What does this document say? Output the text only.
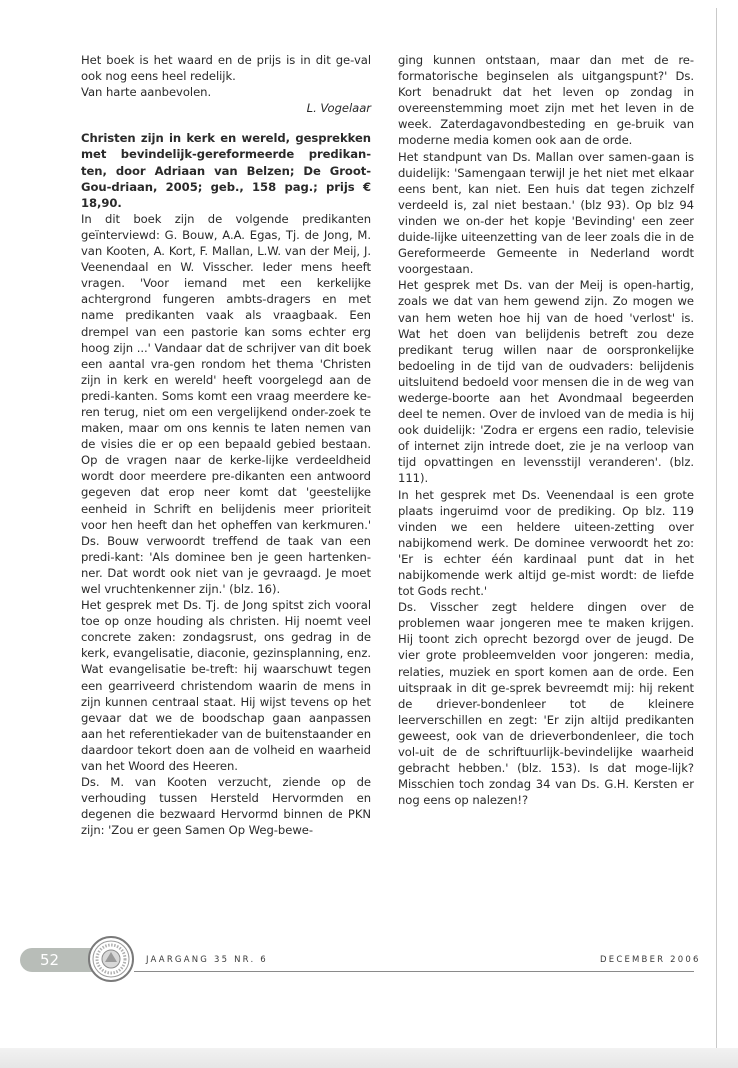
Het boek is het waard en de prijs is in dit ge-val ook nog eens heel redelijk.

Van harte aanbevolen.

L. Vogelaar

Christen zijn in kerk en wereld, gesprekken met bevindelijk-gereformeerde predikan-ten, door Adriaan van Belzen; De Groot-Gou-driaan, 2005; geb., 158 pag.; prijs € 18,90.

In dit boek zijn de volgende predikanten geïnterviewd: G. Bouw, A.A. Egas, Tj. de Jong, M. van Kooten, A. Kort, F. Mallan, L.W. van der Meij, J. Veenendaal en W. Visscher. Ieder mens heeft vragen. 'Voor iemand met een kerkelijke achtergrond fungeren ambts-dragers en met name predikanten vaak als vraagbaak. Een drempel van een pastorie kan soms echter erg hoog zijn ...' Vandaar dat de schrijver van dit boek een aantal vra-gen rondom het thema 'Christen zijn in kerk en wereld' heeft voorgelegd aan de predi-kanten. Soms komt een vraag meerdere ke-ren terug, niet om een vergelijkend onder-zoek te maken, maar om ons kennis te laten nemen van de visies die er op een bepaald gebied bestaan. Op de vragen naar de kerke-lijke verdeeldheid wordt door meerdere pre-dikanten een antwoord gegeven dat erop neer komt dat 'geestelijke eenheid in Schrift en belijdenis meer prioriteit voor hen heeft dan het opheffen van kerkmuren.' Ds. Bouw verwoordt treffend de taak van een predi-kant: 'Als dominee ben je geen hartenken-ner. Dat wordt ook niet van je gevraagd. Je moet wel vruchtenkenner zijn.' (blz. 16).

Het gesprek met Ds. Tj. de Jong spitst zich vooral toe op onze houding als christen. Hij noemt veel concrete zaken: zondagsrust, ons gedrag in de kerk, evangelisatie, diaconie, gezinsplanning, enz. Wat evangelisatie be-treft: hij waarschuwt tegen een gearriveerd christendom waarin de mens in zijn kunnen centraal staat. Hij wijst tevens op het gevaar dat we de boodschap gaan aanpassen aan het referentiekader van de buitenstaander en daardoor tekort doen aan de volheid en waarheid van het Woord des Heeren.

Ds. M. van Kooten verzucht, ziende op de verhouding tussen Hersteld Hervormden en degenen die bezwaard Hervormd binnen de PKN zijn: 'Zou er geen Samen Op Weg-bewe-

ging kunnen ontstaan, maar dan met de re-formatorische beginselen als uitgangspunt?' Ds. Kort benadrukt dat het leven op zondag in overeenstemming moet zijn met het leven in de week. Zaterdagavondbesteding en ge-bruik van moderne media komen ook aan de orde.

Het standpunt van Ds. Mallan over samen-gaan is duidelijk: 'Samengaan terwijl je het niet met elkaar eens bent, kan niet. Een huis dat tegen zichzelf verdeeld is, zal niet bestaan.' (blz 93). Op blz 94 vinden we on-der het kopje 'Bevinding' een zeer duide-lijke uiteenzetting van de leer zoals die in de Gereformeerde Gemeente in Nederland wordt voorgestaan.

Het gesprek met Ds. van der Meij is open-hartig, zoals we dat van hem gewend zijn. Zo mogen we van hem weten hoe hij van de hoed 'verlost' is. Wat het doen van belijdenis betreft zou deze predikant terug willen naar de oorspronkelijke bedoeling in de tijd van de oudvaders: belijdenis uitsluitend bedoeld voor mensen die in de weg van wederge-boorte aan het Avondmaal begeerden deel te nemen. Over de invloed van de media is hij ook duidelijk: 'Zodra er ergens een radio, televisie of internet zijn intrede doet, zie je na verloop van tijd opvattingen en levensstijl veranderen'. (blz. 111).

In het gesprek met Ds. Veenendaal is een grote plaats ingeruimd voor de prediking. Op blz. 119 vinden we een heldere uiteen-zetting over nabijkomend werk. De dominee verwoordt het zo: 'Er is echter één kardinaal punt dat in het nabijkomende werk altijd ge-mist wordt: de liefde tot Gods recht.'

Ds. Visscher zegt heldere dingen over de problemen waar jongeren mee te maken krijgen. Hij toont zich oprecht bezorgd over de jeugd. De vier grote probleemvelden voor jongeren: media, relaties, muziek en sport komen aan de orde. Een uitspraak in dit ge-sprek bevreemdt mij: hij rekent de driever-bondenleer tot de kleinere leerverschillen en zegt: 'Er zijn altijd predikanten geweest, ook van de drieverbondenleer, die toch vol-uit de de schriftuurlijk-bevindelijke waarheid gebracht hebben.' (blz. 153). Is dat moge-lijk? Misschien toch zondag 34 van Ds. G.H. Kersten er nog eens op nalezen!?

52	JAARGANG 35 NR. 6	DECEMBER 2006
